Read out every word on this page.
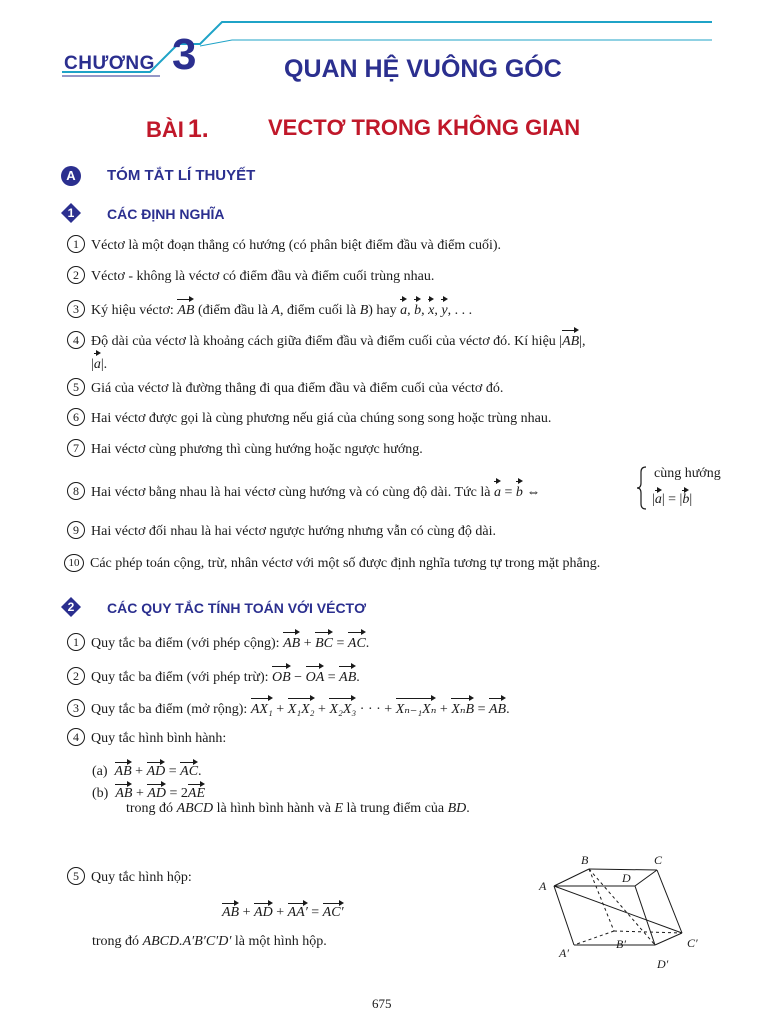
CHƯƠNG 3	QUAN HỆ VUÔNG GÓC
BÀI 1.	VECTƠ TRONG KHÔNG GIAN
A	TÓM TẮT LÍ THUYẾT
1	CÁC ĐỊNH NGHĨA
1 Véctơ là một đoạn thẳng có hướng (có phân biệt điểm đầu và điểm cuối).
2 Véctơ - không là véctơ có điểm đầu và điểm cuối trùng nhau.
3 Ký hiệu véctơ: AB (điểm đầu là A, điểm cuối là B) hay a, b, x, y, . . .
4 Độ dài của véctơ là khoảng cách giữa điểm đầu và điểm cuối của véctơ đó. Kí hiệu |AB|,
|a|.
5 Giá của véctơ là đường thẳng đi qua điểm đầu và điểm cuối của véctơ đó.
6 Hai véctơ được gọi là cùng phương nếu giá của chúng song song hoặc trùng nhau.
7 Hai véctơ cùng phương thì cùng hướng hoặc ngược hướng.
8 Hai véctơ bằng nhau là hai véctơ cùng hướng và có cùng độ dài. Tức là a = b ⇔
cùng hướng
|a| = |b|
9 Hai véctơ đối nhau là hai véctơ ngược hướng nhưng vẫn có cùng độ dài.
10 Các phép toán cộng, trừ, nhân véctơ với một số được định nghĩa tương tự trong mặt phẳng.
2	CÁC QUY TẮC TÍNH TOÁN VỚI VÉCTƠ
1 Quy tắc ba điểm (với phép cộng): AB + BC = AC.
2 Quy tắc ba điểm (với phép trừ): OB − OA = AB.
3 Quy tắc ba điểm (mở rộng): AX₁ + X₁X₂ + X₂X₃ · · · + Xₙ₋₁Xₙ + XₙB = AB.
4 Quy tắc hình bình hành:
(a) AB + AD = AC.
(b) AB + AD = 2AE
trong đó ABCD là hình bình hành và E là trung điểm của BD.
5 Quy tắc hình hộp:
AB + AD + AA′ = AC′
trong đó ABCD.A′B′C′D′ là một hình hộp.
A
B	C
D
A′
B′	C′
D′
675
